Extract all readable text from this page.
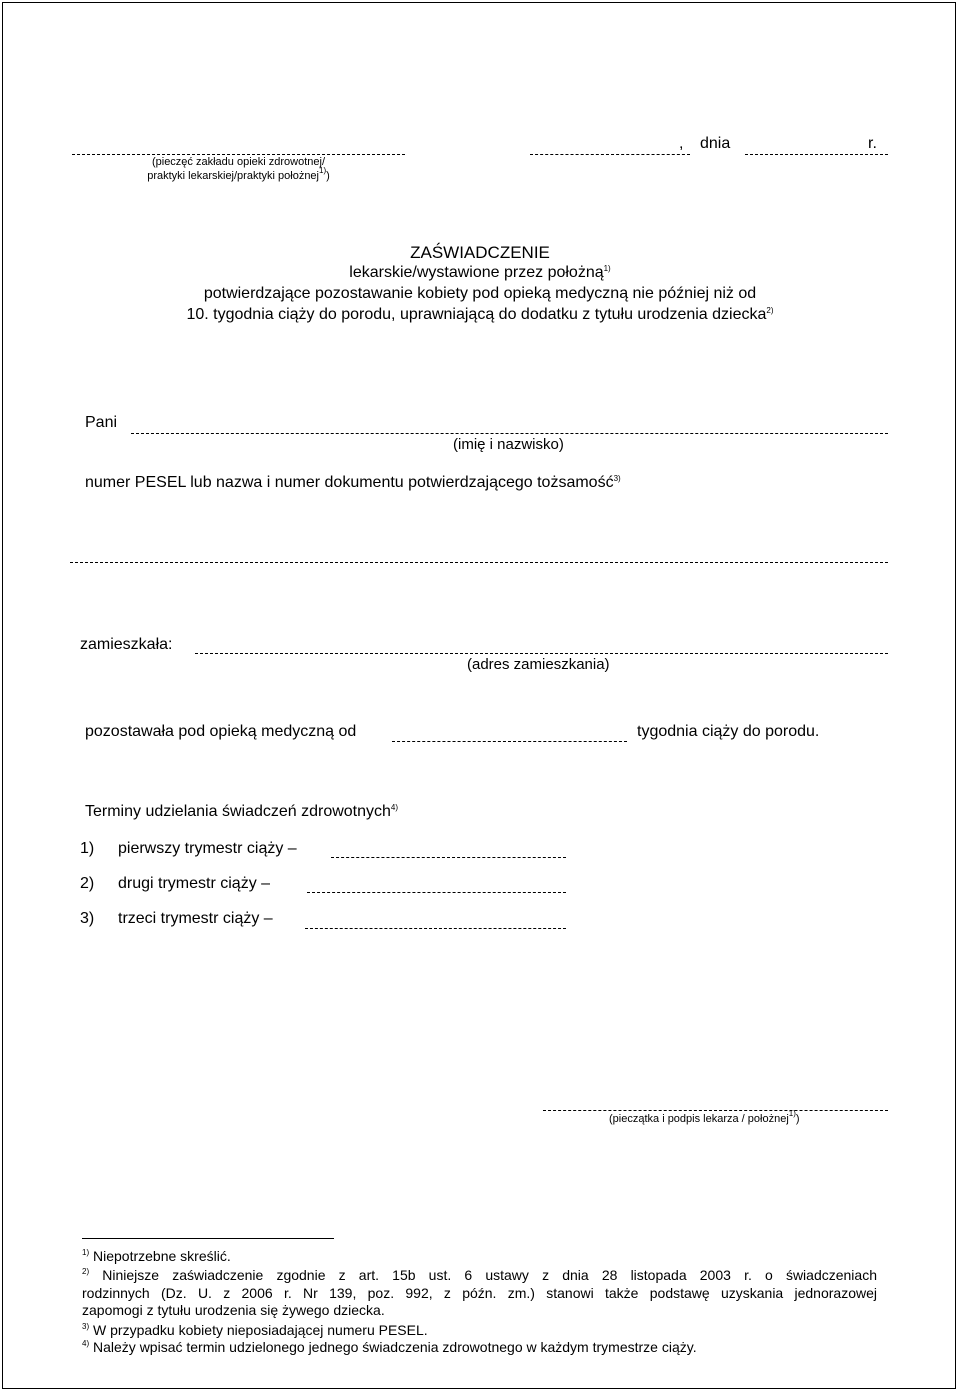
(pieczęć zakładu opieki zdrowotnej/
praktyki lekarskiej/praktyki położnej$^{1)}$)
, dnia	r.
ZAŚWIADCZENIE
lekarskie/wystawione przez położną$^{1)}$
potwierdzające pozostawanie kobiety pod opieką medyczną nie później niż od
10. tygodnia ciąży do porodu, uprawniającą do dodatku z tytułu urodzenia dziecka$^{2)}$
Pani
(imię i nazwisko)
numer PESEL lub nazwa i numer dokumentu potwierdzającego tożsamość$^{3)}$
zamieszkała:
(adres zamieszkania)
pozostawała pod opieką medyczną od	tygodnia ciąży do porodu.
Terminy udzielania świadczeń zdrowotnych$^{4)}$
1) pierwszy trymestr ciąży –
2) drugi trymestr ciąży –
3) trzeci trymestr ciąży –
(pieczątka i podpis lekarza / położnej$^{1)}$)
$^{1)}$ Niepotrzebne skreślić.
$^{2)}$ Niniejsze zaświadczenie zgodnie z art. 15b ust. 6 ustawy z dnia 28 listopada 2003 r. o świadczeniach
rodzinnych (Dz. U. z 2006 r. Nr 139, poz. 992, z późn. zm.) stanowi także podstawę uzyskania jednorazowej
zapomogi z tytułu urodzenia się żywego dziecka.
$^{3)}$ W przypadku kobiety nieposiadającej numeru PESEL.
$^{4)}$ Należy wpisać termin udzielonego jednego świadczenia zdrowotnego w każdym trymestrze ciąży.
